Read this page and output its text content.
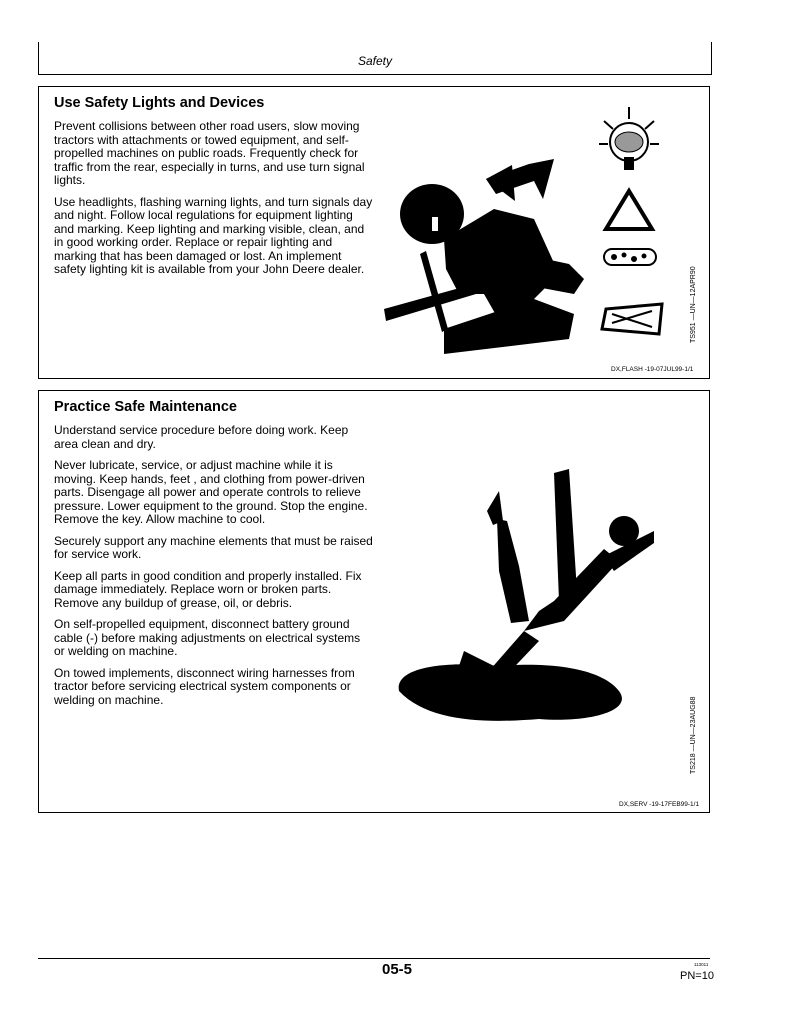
Safety
Use Safety Lights and Devices

Prevent collisions between other road users, slow moving tractors with attachments or towed equipment, and self-propelled machines on public roads. Frequently check for traffic from the rear, especially in turns, and use turn signal lights.

Use headlights, flashing warning lights, and turn signals day and night. Follow local regulations for equipment lighting and marking. Keep lighting and marking visible, clean, and in good working order. Replace or repair lighting and marking that has been damaged or lost. An implement safety lighting kit is available from your John Deere dealer.	TS951 —UN—12APR90
DX,FLASH -19-07JUL99-1/1
Practice Safe Maintenance

Understand service procedure before doing work. Keep area clean and dry.

Never lubricate, service, or adjust machine while it is moving. Keep hands, feet , and clothing from power-driven parts. Disengage all power and operate controls to relieve pressure. Lower equipment to the ground. Stop the engine. Remove the key. Allow machine to cool.

Securely support any machine elements that must be raised for service work.

Keep all parts in good condition and properly installed. Fix damage immediately. Replace worn or broken parts. Remove any buildup of grease, oil, or debris.

On self-propelled equipment, disconnect battery ground cable (-) before making adjustments on electrical systems or welding on machine.

On towed implements, disconnect wiring harnesses from tractor before servicing electrical system components or welding on machine.	TS218 —UN—23AUG88
DX,SERV -19-17FEB99-1/1
05-5	113011
PN=10
